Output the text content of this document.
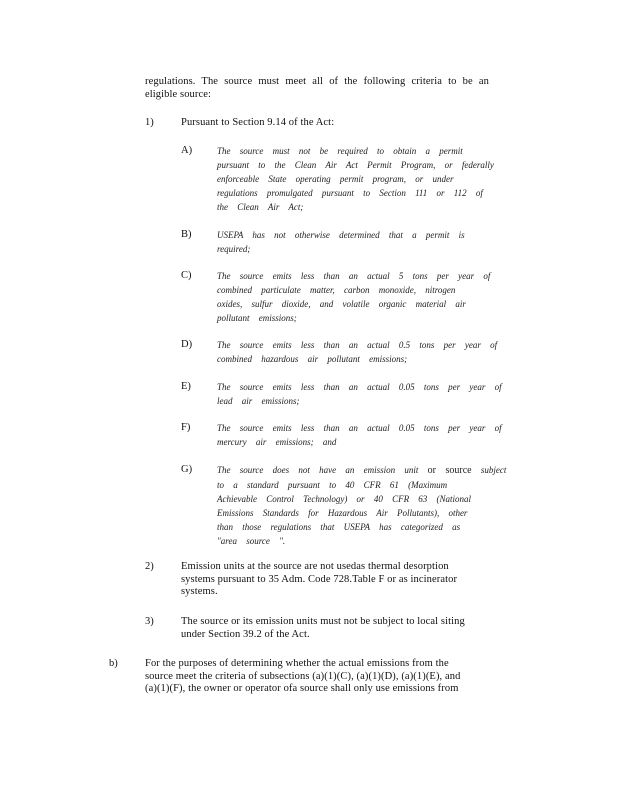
regulations. The source must meet all of the following criteria to be an
eligible source:
1)	Pursuant to Section 9.14 of the Act:
A)	The source must not be required to obtain a permit
pursuant to the Clean Air Act Permit Program, or federally
enforceable State operating permit program, or under
regulations promulgated pursuant to Section 111 or 112 of
the Clean Air Act;
B)	USEPA has not otherwise determined that a permit is
required;
C)	The source emits less than an actual 5 tons per year of
combined particulate matter, carbon monoxide, nitrogen
oxides, sulfur dioxide, and volatile organic material air
pollutant emissions;
D)	The source emits less than an actual 0.5 tons per year of
combined hazardous air pollutant emissions;
E)	The source emits less than an actual 0.05 tons per year of
lead air emissions;
F)	The source emits less than an actual 0.05 tons per year of
mercury air emissions; and
G)	The source does not have an emission unit or source subject
to a standard pursuant to 40 CFR 61 (Maximum
Achievable Control Technology) or 40 CFR 63 (National
Emissions Standards for Hazardous Air Pollutants), other
than those regulations that USEPA has categorized as
"area source ".
2)	Emission units at the source are not usedas thermal desorption
systems pursuant to 35 Adm. Code 728.Table F or as incinerator
systems.
3)	The source or its emission units must not be subject to local siting
under Section 39.2 of the Act.
b)	For the purposes of determining whether the actual emissions from the
source meet the criteria of subsections (a)(1)(C), (a)(1)(D), (a)(1)(E), and
(a)(1)(F), the owner or operator ofa source shall only use emissions from
